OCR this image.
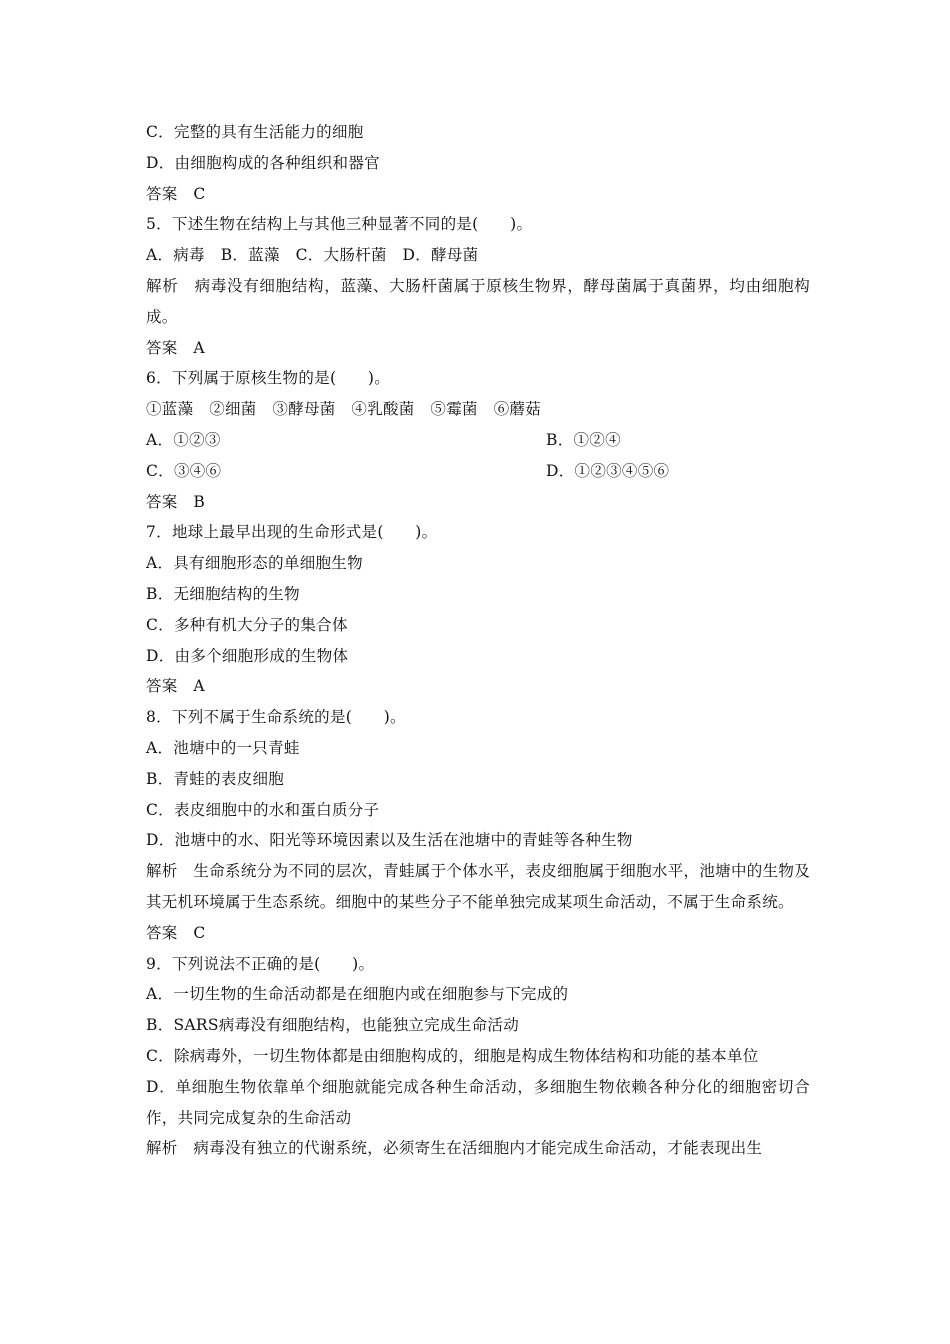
C．完整的具有生活能力的细胞
D．由细胞构成的各种组织和器官
答案　C
5．下述生物在结构上与其他三种显著不同的是(　　)。
A．病毒　B．蓝藻　C．大肠杆菌　D．酵母菌
解析　病毒没有细胞结构，蓝藻、大肠杆菌属于原核生物界，酵母菌属于真菌界，均由细胞构成。
答案　A
6．下列属于原核生物的是(　　)。
①蓝藻　②细菌　③酵母菌　④乳酸菌　⑤霉菌　⑥蘑菇
A．①②③	B．①②④
C．③④⑥	D．①②③④⑤⑥
答案　B
7．地球上最早出现的生命形式是(　　)。
A．具有细胞形态的单细胞生物
B．无细胞结构的生物
C．多种有机大分子的集合体
D．由多个细胞形成的生物体
答案　A
8．下列不属于生命系统的是(　　)。
A．池塘中的一只青蛙
B．青蛙的表皮细胞
C．表皮细胞中的水和蛋白质分子
D．池塘中的水、阳光等环境因素以及生活在池塘中的青蛙等各种生物
解析　生命系统分为不同的层次，青蛙属于个体水平，表皮细胞属于细胞水平，池塘中的生物及其无机环境属于生态系统。细胞中的某些分子不能单独完成某项生命活动，不属于生命系统。
答案　C
9．下列说法不正确的是(　　)。
A．一切生物的生命活动都是在细胞内或在细胞参与下完成的
B．SARS病毒没有细胞结构，也能独立完成生命活动
C．除病毒外，一切生物体都是由细胞构成的，细胞是构成生物体结构和功能的基本单位
D．单细胞生物依靠单个细胞就能完成各种生命活动，多细胞生物依赖各种分化的细胞密切合作，共同完成复杂的生命活动
解析　病毒没有独立的代谢系统，必须寄生在活细胞内才能完成生命活动，才能表现出生
